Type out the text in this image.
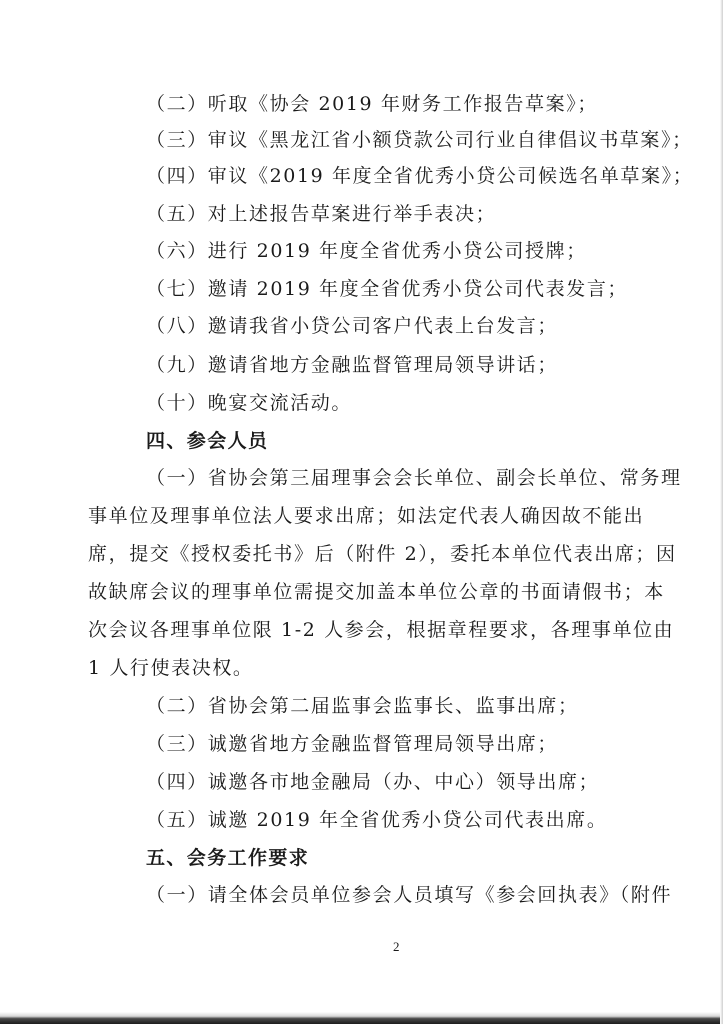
（二）听取《协会 2019 年财务工作报告草案》；
（三）审议《黑龙江省小额贷款公司行业自律倡议书草案》；
（四）审议《2019 年度全省优秀小贷公司候选名单草案》；
（五）对上述报告草案进行举手表决；
（六）进行 2019 年度全省优秀小贷公司授牌；
（七）邀请 2019 年度全省优秀小贷公司代表发言；
（八）邀请我省小贷公司客户代表上台发言；
（九）邀请省地方金融监督管理局领导讲话；
（十）晚宴交流活动。
四、参会人员
（一）省协会第三届理事会会长单位、副会长单位、常务理
事单位及理事单位法人要求出席；如法定代表人确因故不能出
席，提交《授权委托书》后（附件 2），委托本单位代表出席；因
故缺席会议的理事单位需提交加盖本单位公章的书面请假书；本
次会议各理事单位限 1-2 人参会，根据章程要求，各理事单位由
1 人行使表决权。
（二）省协会第二届监事会监事长、监事出席；
（三）诚邀省地方金融监督管理局领导出席；
（四）诚邀各市地金融局（办、中心）领导出席；
（五）诚邀 2019 年全省优秀小贷公司代表出席。
五、会务工作要求
（一）请全体会员单位参会人员填写《参会回执表》（附件
2
